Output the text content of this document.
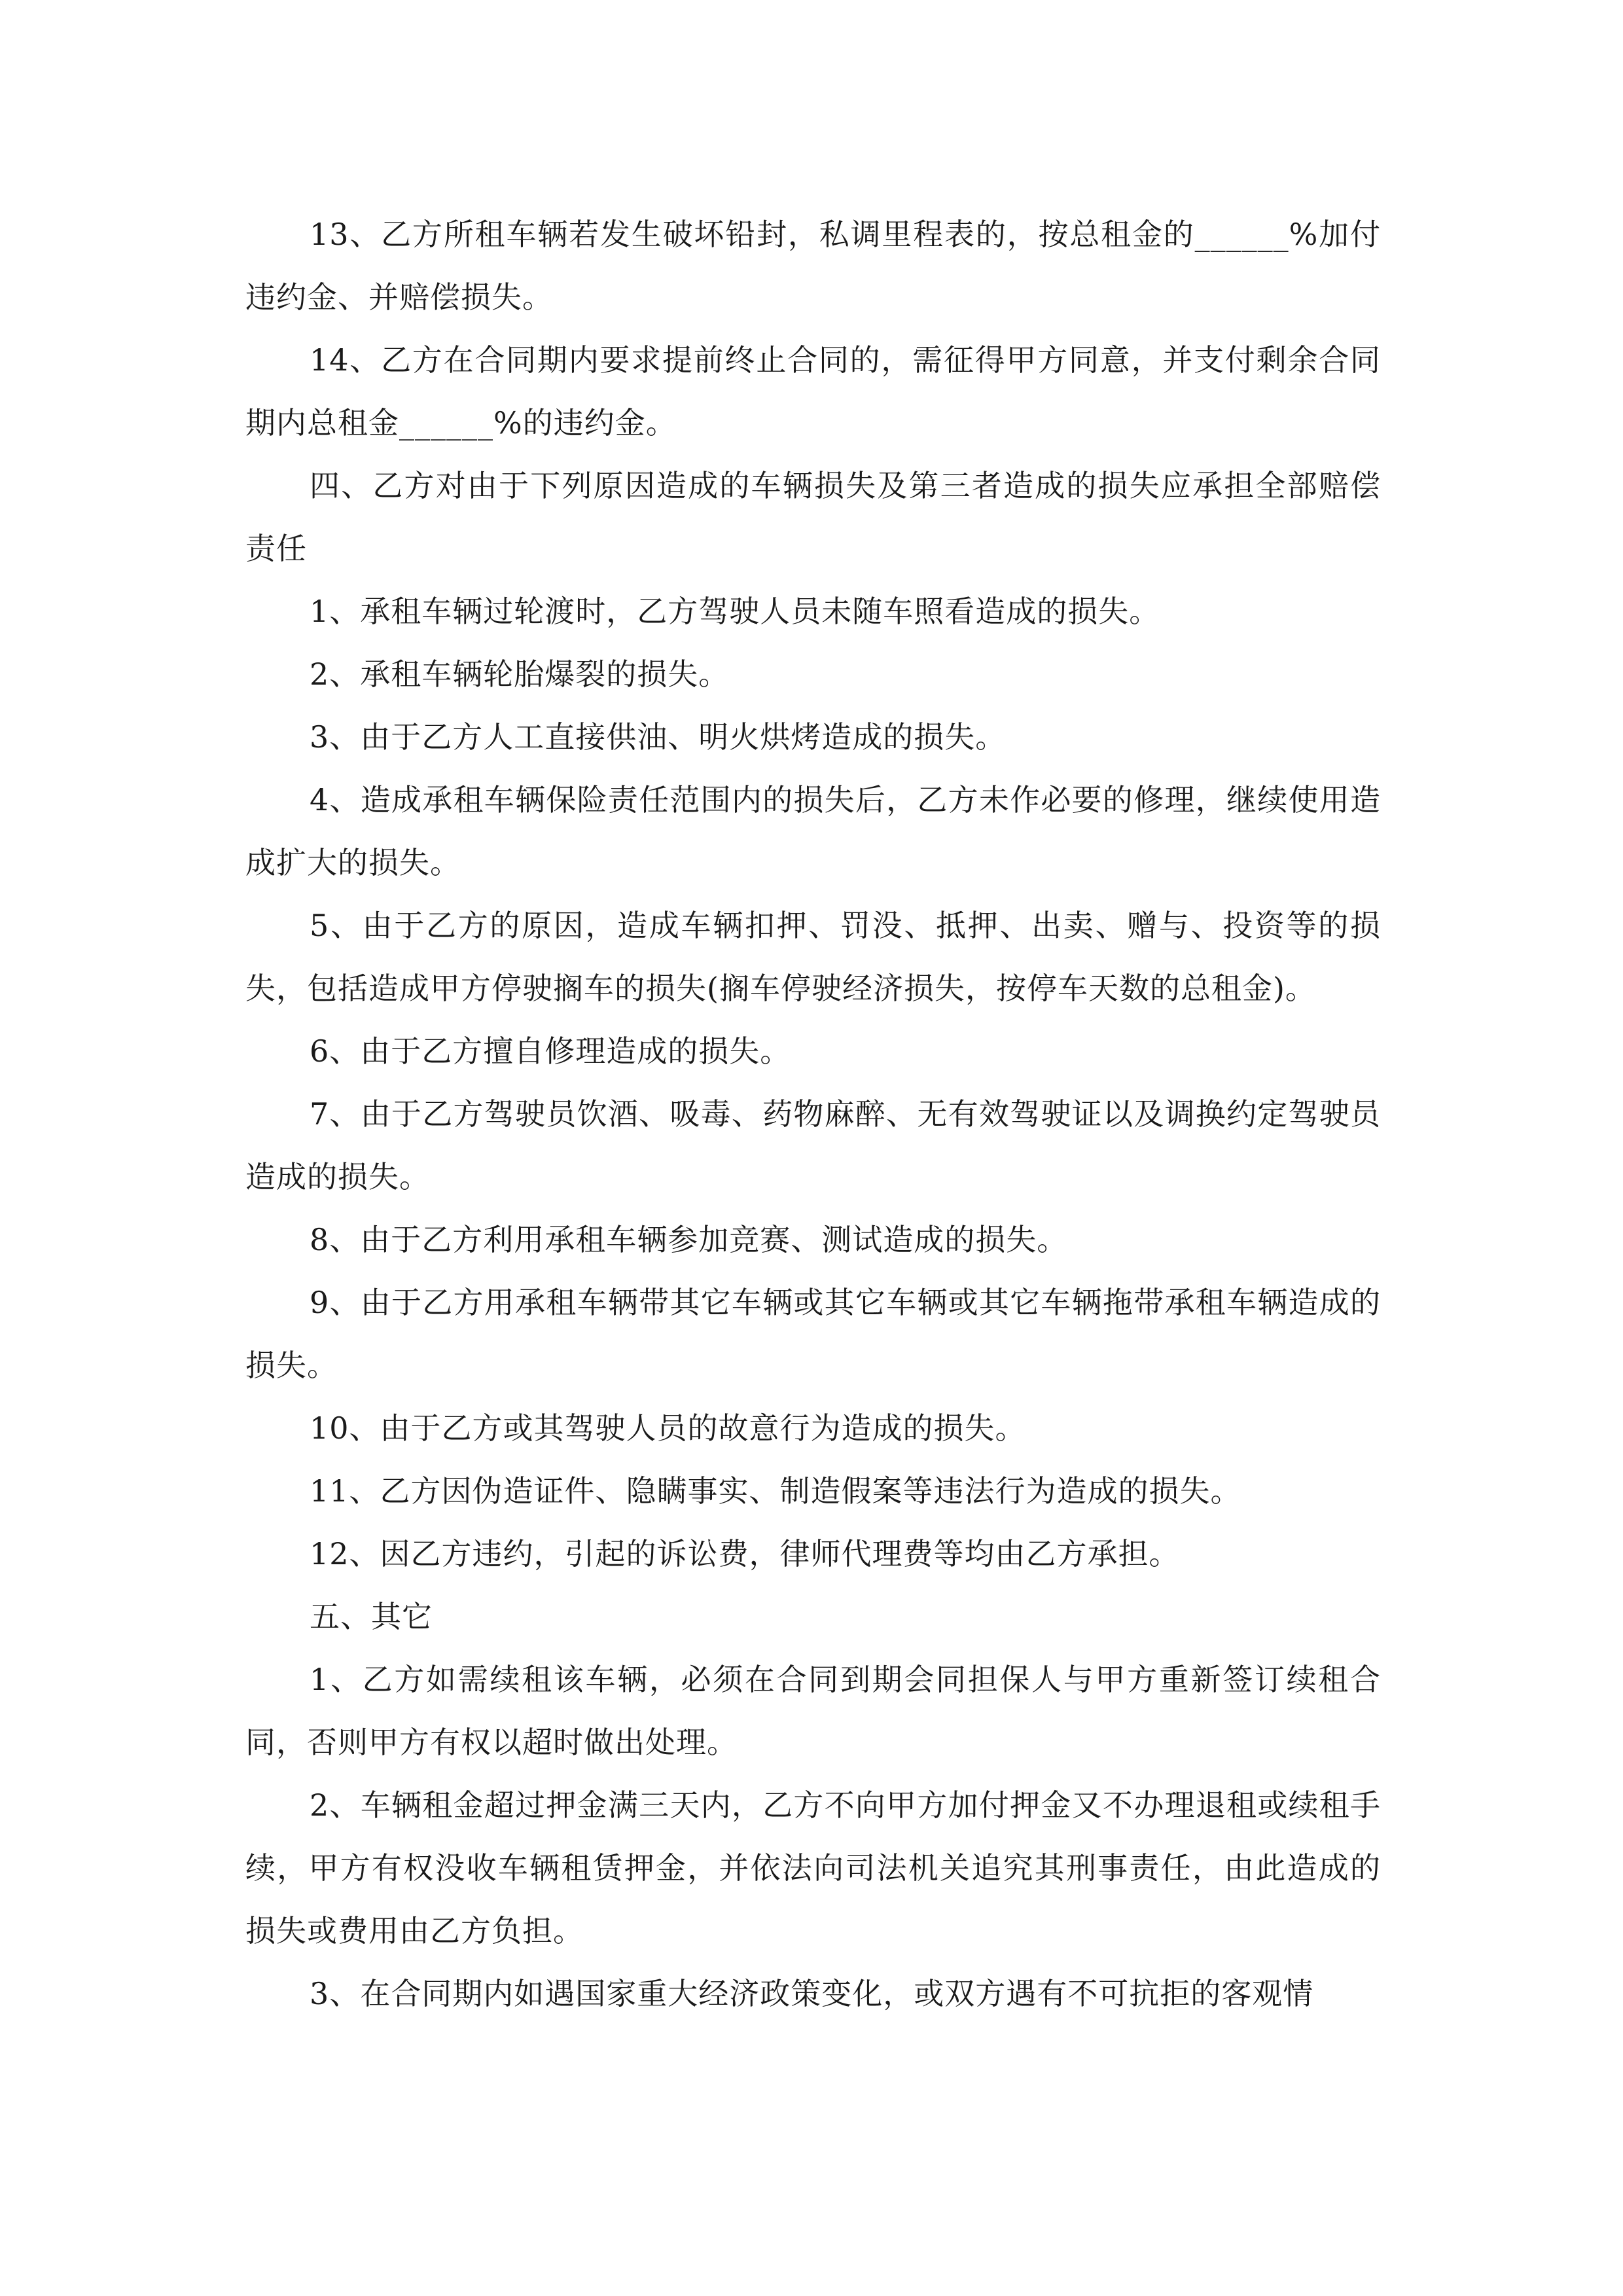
13、乙方所租车辆若发生破坏铅封，私调里程表的，按总租金的______%加付违约金、并赔偿损失。

14、乙方在合同期内要求提前终止合同的，需征得甲方同意，并支付剩余合同期内总租金______%的违约金。

四、乙方对由于下列原因造成的车辆损失及第三者造成的损失应承担全部赔偿责任

1、承租车辆过轮渡时，乙方驾驶人员未随车照看造成的损失。

2、承租车辆轮胎爆裂的损失。

3、由于乙方人工直接供油、明火烘烤造成的损失。

4、造成承租车辆保险责任范围内的损失后，乙方未作必要的修理，继续使用造成扩大的损失。

5、由于乙方的原因，造成车辆扣押、罚没、抵押、出卖、赠与、投资等的损失，包括造成甲方停驶搁车的损失(搁车停驶经济损失，按停车天数的总租金)。

6、由于乙方擅自修理造成的损失。

7、由于乙方驾驶员饮酒、吸毒、药物麻醉、无有效驾驶证以及调换约定驾驶员造成的损失。

8、由于乙方利用承租车辆参加竞赛、测试造成的损失。

9、由于乙方用承租车辆带其它车辆或其它车辆或其它车辆拖带承租车辆造成的损失。

10、由于乙方或其驾驶人员的故意行为造成的损失。

11、乙方因伪造证件、隐瞒事实、制造假案等违法行为造成的损失。

12、因乙方违约，引起的诉讼费，律师代理费等均由乙方承担。

五、其它

1、乙方如需续租该车辆，必须在合同到期会同担保人与甲方重新签订续租合同，否则甲方有权以超时做出处理。

2、车辆租金超过押金满三天内，乙方不向甲方加付押金又不办理退租或续租手续，甲方有权没收车辆租赁押金，并依法向司法机关追究其刑事责任，由此造成的损失或费用由乙方负担。

3、在合同期内如遇国家重大经济政策变化，或双方遇有不可抗拒的客观情
